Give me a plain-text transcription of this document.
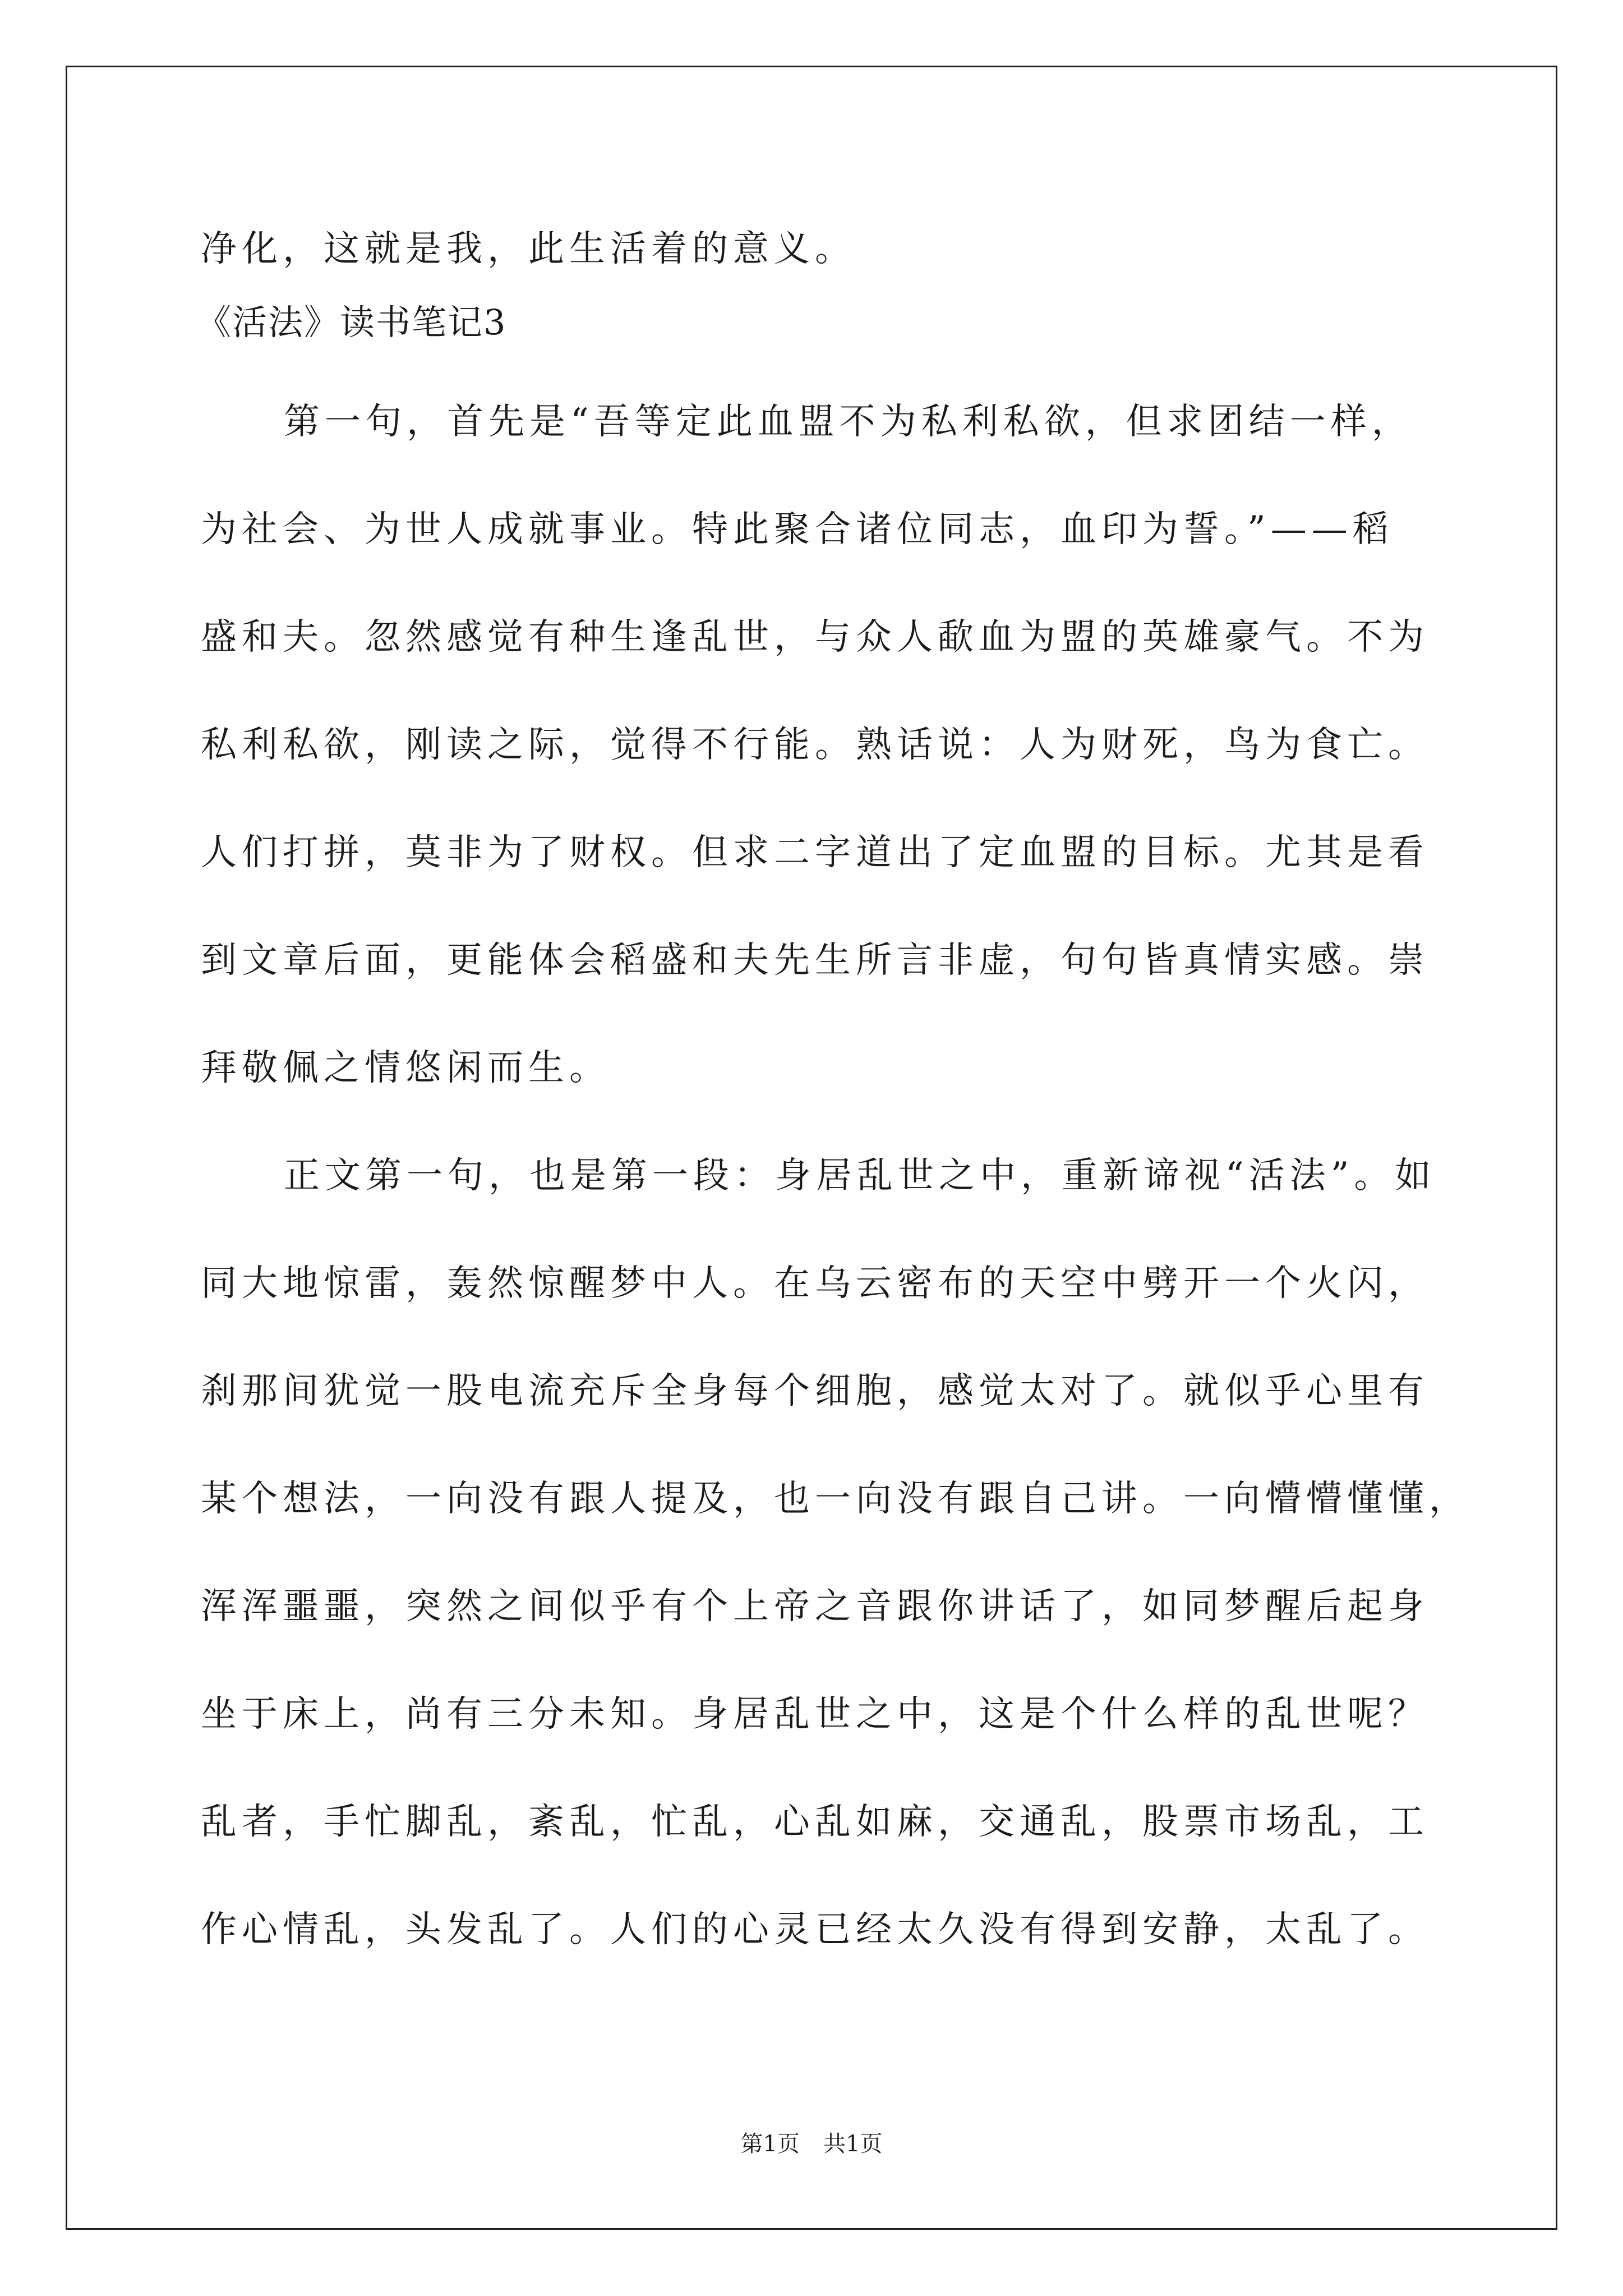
净化，这就是我，此生活着的意义。
《活法》读书笔记3
第一句，首先是“吾等定此血盟不为私利私欲，但求团结一样，
为社会、为世人成就事业。特此聚合诸位同志，血印为誓。”——稻
盛和夫。忽然感觉有种生逢乱世，与众人歃血为盟的英雄豪气。不为
私利私欲，刚读之际，觉得不行能。熟话说：人为财死，鸟为食亡。
人们打拼，莫非为了财权。但求二字道出了定血盟的目标。尤其是看
到文章后面，更能体会稻盛和夫先生所言非虚，句句皆真情实感。崇
拜敬佩之情悠闲而生。
正文第一句，也是第一段：身居乱世之中，重新谛视“活法”。如
同大地惊雷，轰然惊醒梦中人。在乌云密布的天空中劈开一个火闪，
刹那间犹觉一股电流充斥全身每个细胞，感觉太对了。就似乎心里有
某个想法，一向没有跟人提及，也一向没有跟自己讲。一向懵懵懂懂，
浑浑噩噩，突然之间似乎有个上帝之音跟你讲话了，如同梦醒后起身
坐于床上，尚有三分未知。身居乱世之中，这是个什么样的乱世呢？
乱者，手忙脚乱，紊乱，忙乱，心乱如麻，交通乱，股票市场乱，工
作心情乱，头发乱了。人们的心灵已经太久没有得到安静，太乱了。
第1页 共1页
